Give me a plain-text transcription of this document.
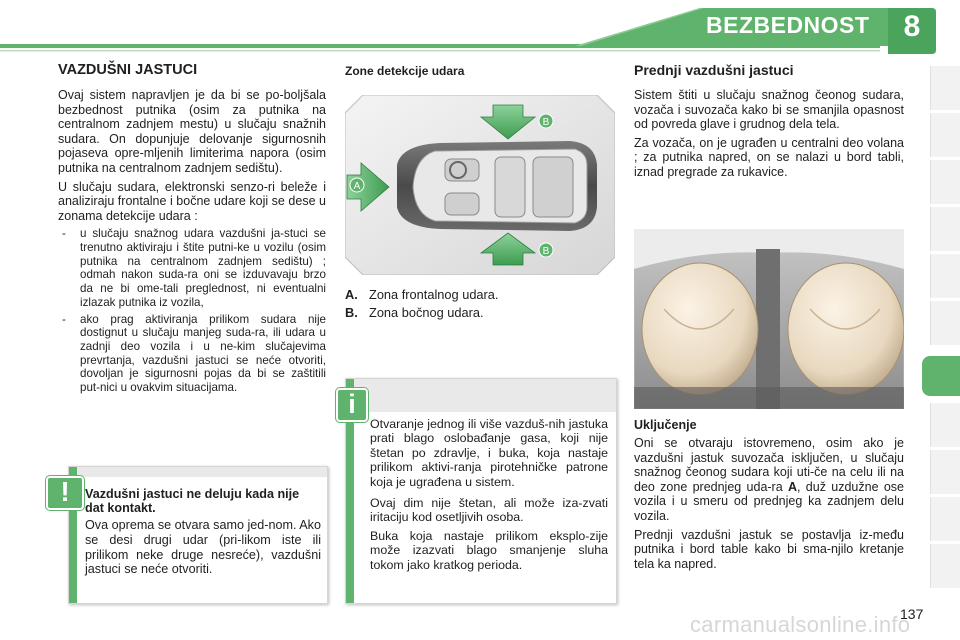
BEZBEDNOST	8
VAZDUŠNI JASTUCI

Ovaj sistem napravljen je da bi se po-boljšala bezbednost putnika (osim za putnika na centralnom zadnjem mestu) u slučaju snažnih sudara. On dopunjuje delovanje sigurnosnih pojaseva opre-mljenih limiterima napora (osim putnika na centralnom zadnjem sedištu).

U slučaju sudara, elektronski senzo-ri beleže i analiziraju frontalne i bočne udare koji se dese u zonama detekcije udara :

- u slučaju snažnog udara vazdušni ja-stuci se trenutno aktiviraju i štite putni-ke u vozilu (osim putnika na centralnom zadnjem sedištu) ; odmah nakon suda-ra oni se izduvavaju brzo da ne bi ome-tali preglednost, ni eventualni izlazak putnika iz vozila,
- ako prag aktiviranja prilikom sudara nije dostignut u slučaju manjeg suda-ra, ili udara u zadnji deo vozila i u ne-kim slučajevima prevrtanja, vazdušni jastuci se neće otvoriti, dovoljan je sigurnosni pojas da bi se zaštitili put-nici u ovakvim situacijama.
Vazdušni jastuci ne deluju kada nije dat kontakt.
Ova oprema se otvara samo jed-nom. Ako se desi drugi udar (pri-likom iste ili prilikom neke druge nesreće), vazdušni jastuci se neće otvoriti.
!
Zone detekcije udara
B
B
A
A. Zona frontalnog udara.
B. Zona bočnog udara.
Otvaranje jednog ili više vazduš-nih jastuka prati blago oslobađanje gasa, koji nije štetan po zdravlje, i buka, koja nastaje prilikom aktivi-ranja pirotehničke patrone koja je ugrađena u sistem.
Ovaj dim nije štetan, ali može iza-zvati iritaciju kod osetljivih osoba.
Buka koja nastaje prilikom eksplo-zije može izazvati blago smanjenje sluha tokom jako kratkog perioda.
i
Prednji vazdušni jastuci

Sistem štiti u slučaju snažnog čeonog sudara, vozača i suvozača kako bi se smanjila opasnost od povreda glave i grudnog dela tela.

Za vozača, on je ugrađen u centralni deo volana ; za putnika napred, on se nalazi u bord tabli, iznad pregrade za rukavice.

Uključenje

Oni se otvaraju istovremeno, osim ako je vazdušni jastuk suvozača isključen, u slučaju snažnog čeonog sudara koji uti-če na celu ili na deo zone prednjeg uda-ra A, duž uzdužne ose vozila i u smeru od prednjeg ka zadnjem delu vozila.

Prednji vazdušni jastuk se postavlja iz-među putnika i bord table kako bi sma-njilo kretanje tela ka napred.

137
carmanualsonline.info
